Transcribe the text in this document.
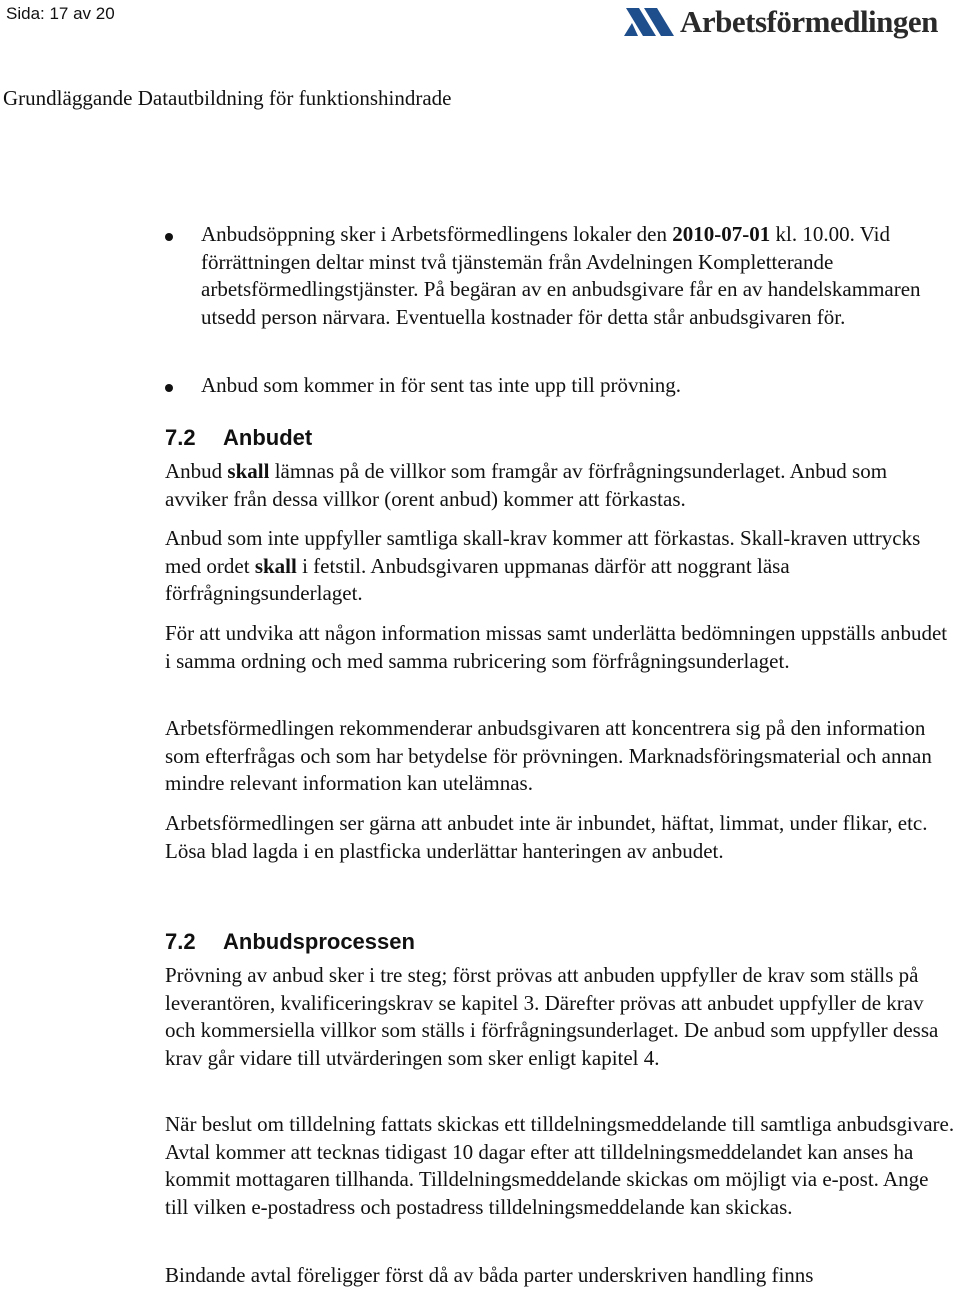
Sida: 17 av 20	Arbetsförmedlingen
Grundläggande Datautbildning för funktionshindrade

Anbudsöppning sker i Arbetsförmedlingens lokaler den 2010-07-01 kl. 10.00. Vid förrättningen deltar minst två tjänstemän från Avdelningen Kompletterande arbetsförmedlingstjänster. På begäran av en anbudsgivare får en av handelskammaren utsedd person närvara. Eventuella kostnader för detta står anbudsgivaren för.

Anbud som kommer in för sent tas inte upp till prövning.

7.2 Anbudet

Anbud skall lämnas på de villkor som framgår av förfrågningsunderlaget. Anbud som avviker från dessa villkor (orent anbud) kommer att förkastas.

Anbud som inte uppfyller samtliga skall-krav kommer att förkastas. Skall-kraven uttrycks med ordet skall i fetstil. Anbudsgivaren uppmanas därför att noggrant läsa förfrågningsunderlaget.

För att undvika att någon information missas samt underlätta bedömningen uppställs anbudet i samma ordning och med samma rubricering som förfrågningsunderlaget.

Arbetsförmedlingen rekommenderar anbudsgivaren att koncentrera sig på den information som efterfrågas och som har betydelse för prövningen. Marknadsföringsmaterial och annan mindre relevant information kan utelämnas.

Arbetsförmedlingen ser gärna att anbudet inte är inbundet, häftat, limmat, under flikar, etc. Lösa blad lagda i en plastficka underlättar hanteringen av anbudet.

7.2 Anbudsprocessen

Prövning av anbud sker i tre steg; först prövas att anbuden uppfyller de krav som ställs på leverantören, kvalificeringskrav se kapitel 3. Därefter prövas att anbudet uppfyller de krav och kommersiella villkor som ställs i förfrågningsunderlaget. De anbud som uppfyller dessa krav går vidare till utvärderingen som sker enligt kapitel 4.

När beslut om tilldelning fattats skickas ett tilldelningsmeddelande till samtliga anbudsgivare. Avtal kommer att tecknas tidigast 10 dagar efter att tilldelningsmeddelandet kan anses ha kommit mottagaren tillhanda. Tilldelningsmeddelande skickas om möjligt via e-post. Ange till vilken e-postadress och postadress tilldelningsmeddelande kan skickas.

Bindande avtal föreligger först då av båda parter underskriven handling finns
